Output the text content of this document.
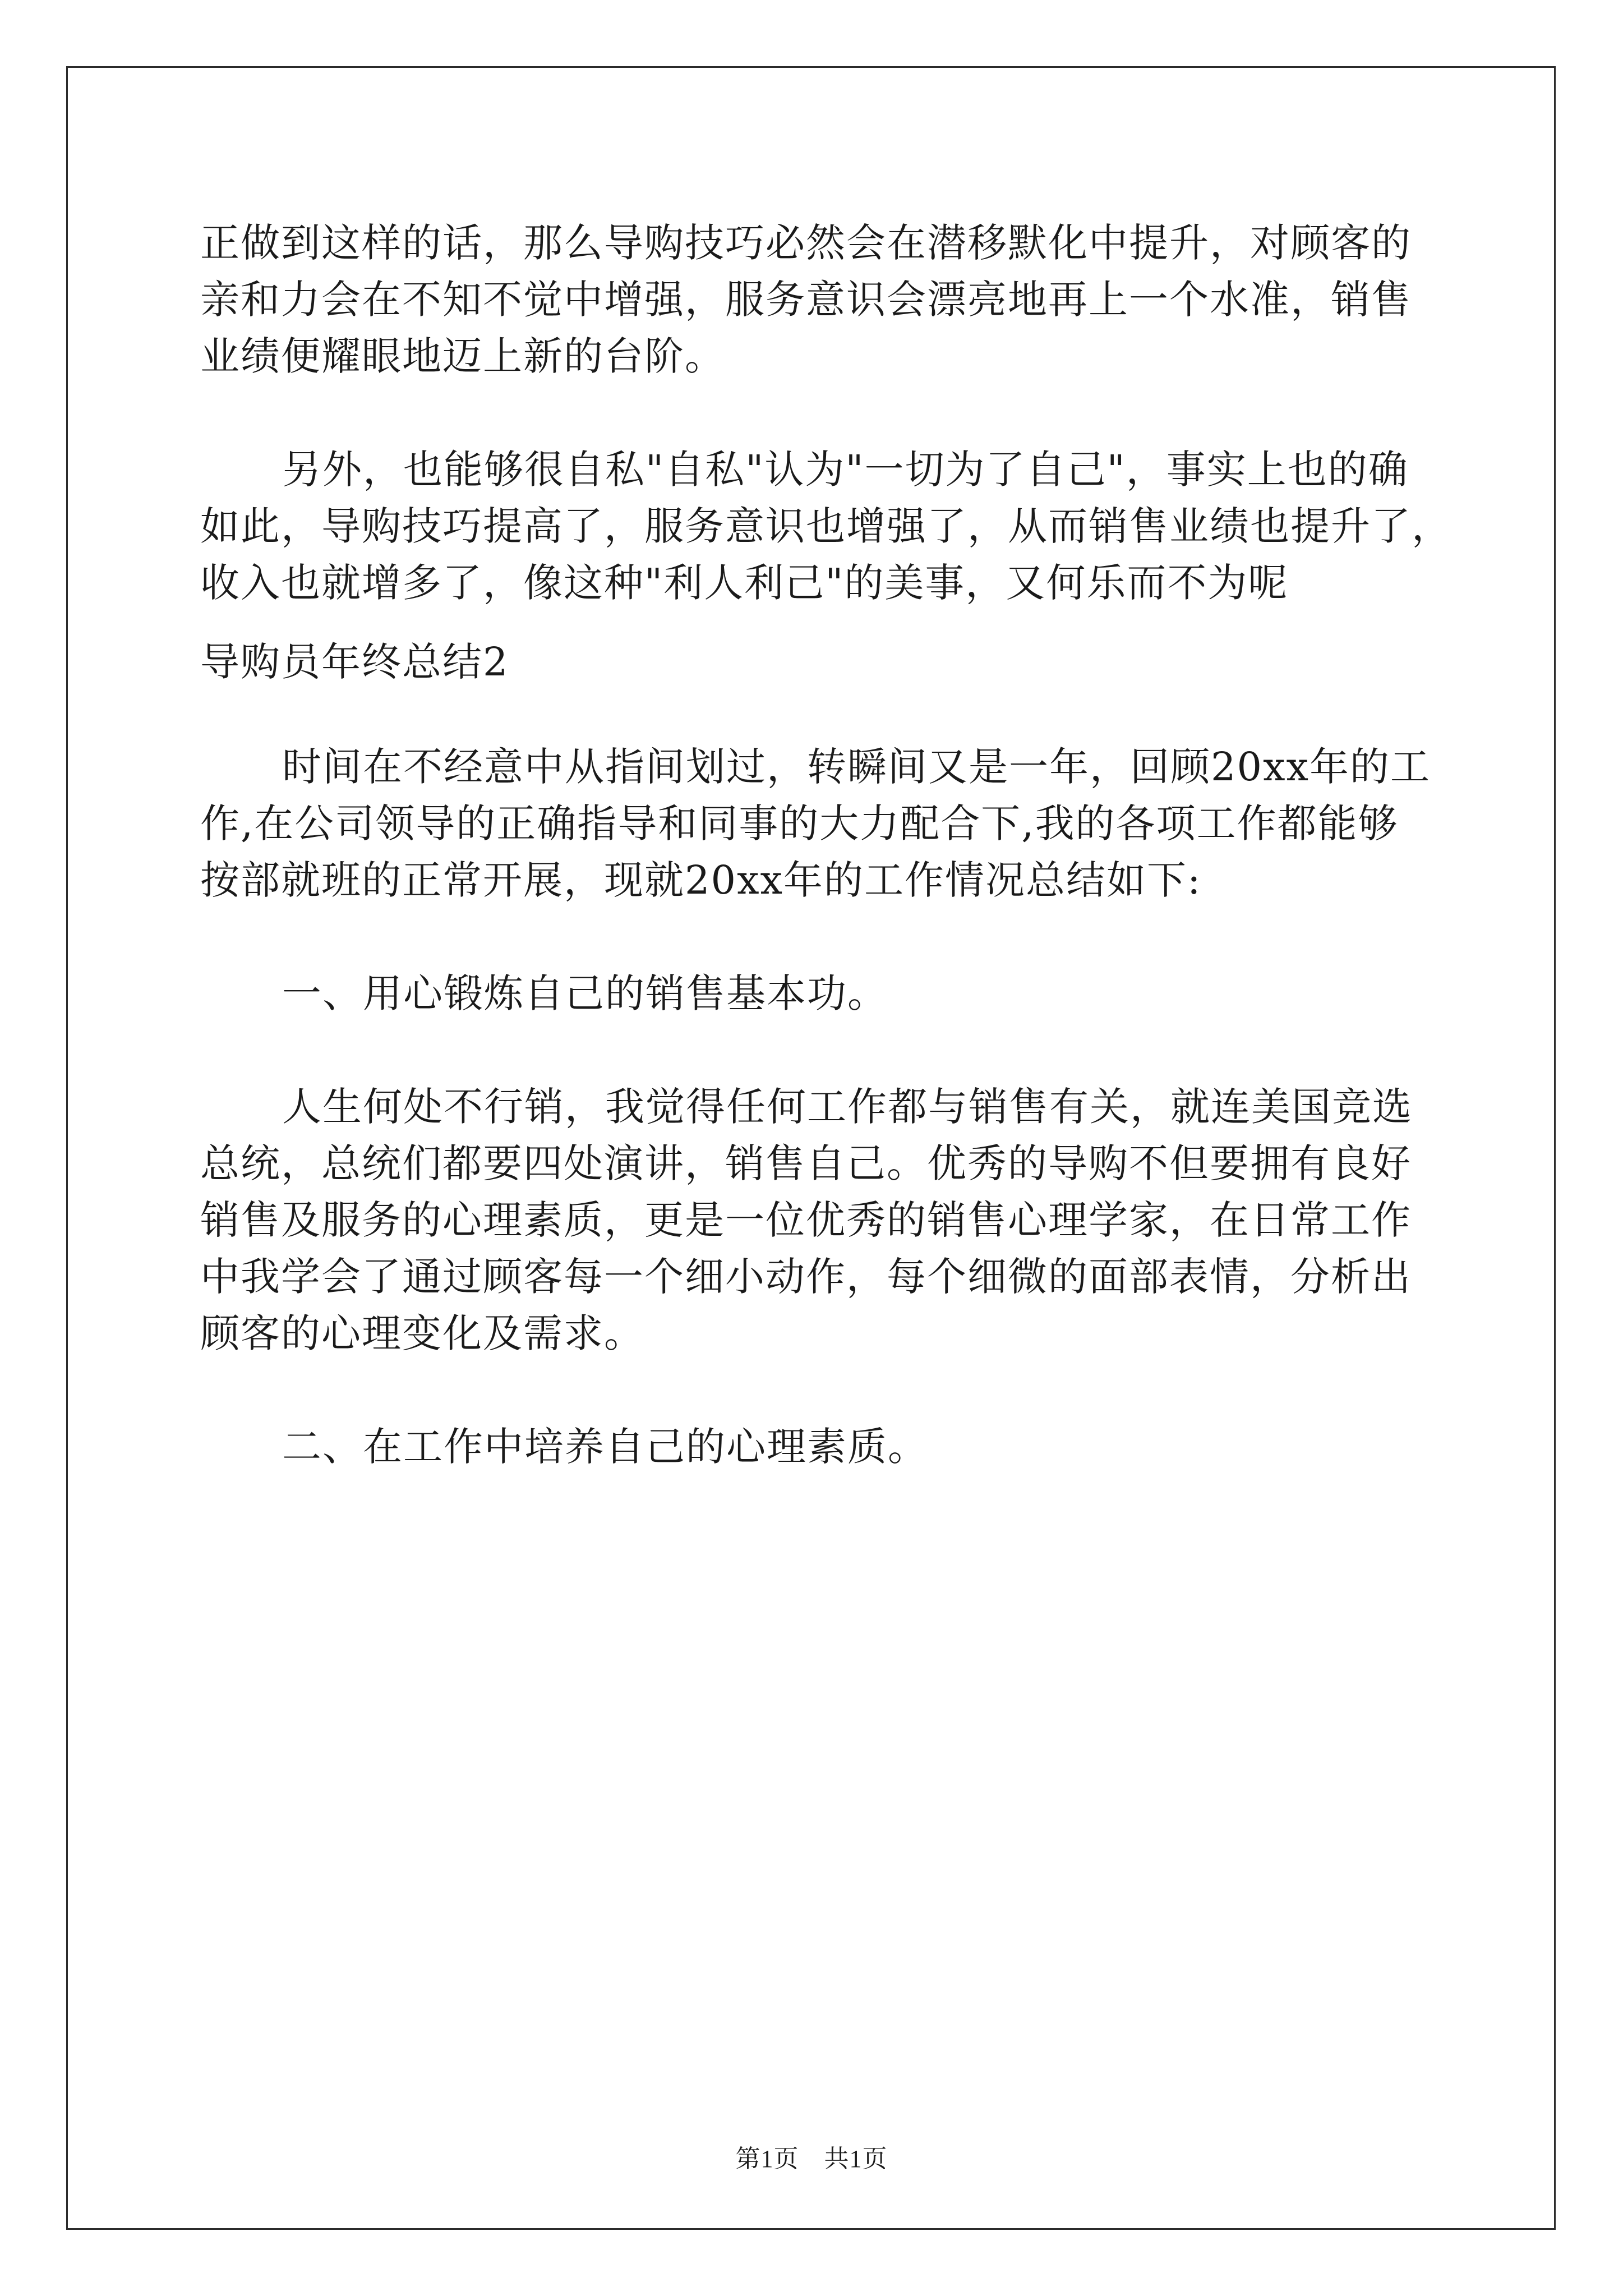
正做到这样的话，那么导购技巧必然会在潜移默化中提升，对顾客的
亲和力会在不知不觉中增强，服务意识会漂亮地再上一个水准，销售
业绩便耀眼地迈上新的台阶。
另外，也能够很自私"自私"认为"一切为了自己"，事实上也的确
如此，导购技巧提高了，服务意识也增强了，从而销售业绩也提升了，
收入也就增多了，像这种"利人利己"的美事，又何乐而不为呢
导购员年终总结2
时间在不经意中从指间划过，转瞬间又是一年，回顾20xx年的工
作,在公司领导的正确指导和同事的大力配合下,我的各项工作都能够
按部就班的正常开展，现就20xx年的工作情况总结如下:
一、用心锻炼自己的销售基本功。
人生何处不行销，我觉得任何工作都与销售有关，就连美国竞选
总统，总统们都要四处演讲，销售自己。优秀的导购不但要拥有良好
销售及服务的心理素质，更是一位优秀的销售心理学家，在日常工作
中我学会了通过顾客每一个细小动作，每个细微的面部表情，分析出
顾客的心理变化及需求。
二、在工作中培养自己的心理素质。
第1页　共1页
